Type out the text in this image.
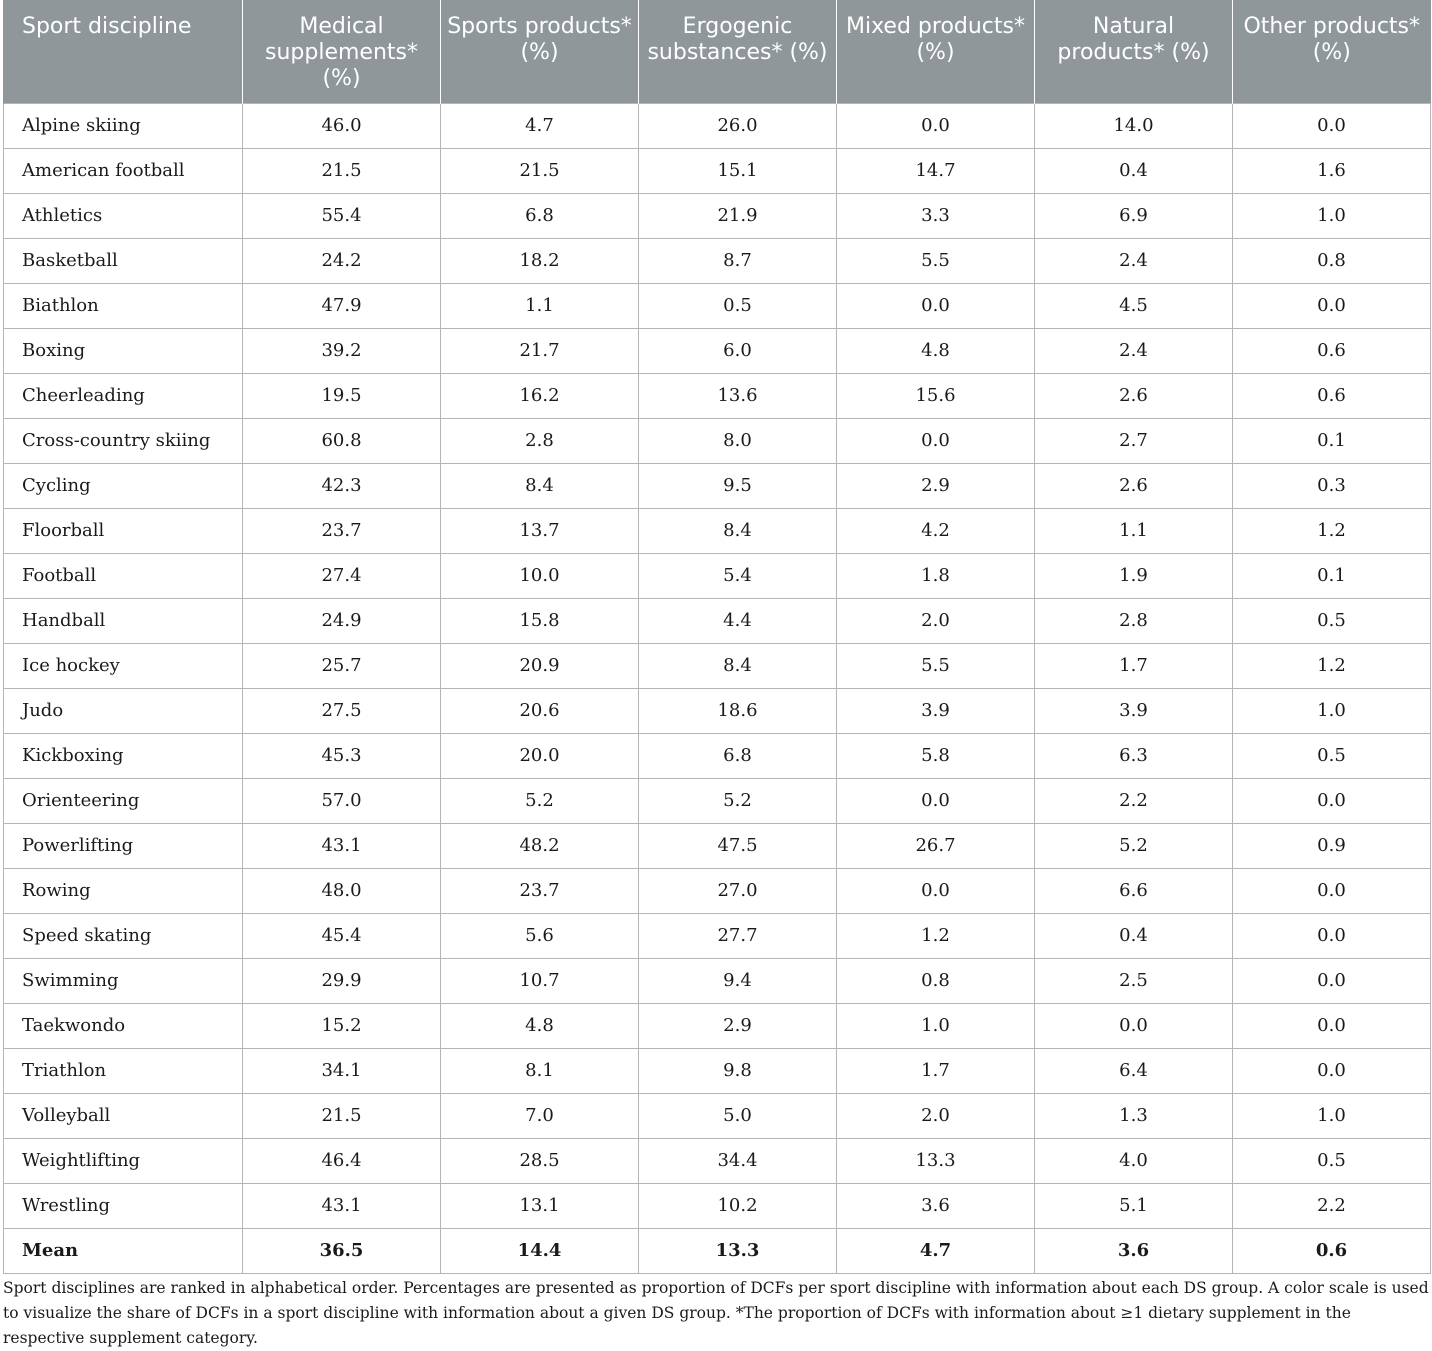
Sport discipline	Medical supplements* (%)	Sports products* (%)	Ergogenic substances* (%)	Mixed products* (%)	Natural products* (%)	Other products* (%)
Alpine skiing	46.0	4.7	26.0	0.0	14.0	0.0
American football	21.5	21.5	15.1	14.7	0.4	1.6
Athletics	55.4	6.8	21.9	3.3	6.9	1.0
Basketball	24.2	18.2	8.7	5.5	2.4	0.8
Biathlon	47.9	1.1	0.5	0.0	4.5	0.0
Boxing	39.2	21.7	6.0	4.8	2.4	0.6
Cheerleading	19.5	16.2	13.6	15.6	2.6	0.6
Cross-country skiing	60.8	2.8	8.0	0.0	2.7	0.1
Cycling	42.3	8.4	9.5	2.9	2.6	0.3
Floorball	23.7	13.7	8.4	4.2	1.1	1.2
Football	27.4	10.0	5.4	1.8	1.9	0.1
Handball	24.9	15.8	4.4	2.0	2.8	0.5
Ice hockey	25.7	20.9	8.4	5.5	1.7	1.2
Judo	27.5	20.6	18.6	3.9	3.9	1.0
Kickboxing	45.3	20.0	6.8	5.8	6.3	0.5
Orienteering	57.0	5.2	5.2	0.0	2.2	0.0
Powerlifting	43.1	48.2	47.5	26.7	5.2	0.9
Rowing	48.0	23.7	27.0	0.0	6.6	0.0
Speed skating	45.4	5.6	27.7	1.2	0.4	0.0
Swimming	29.9	10.7	9.4	0.8	2.5	0.0
Taekwondo	15.2	4.8	2.9	1.0	0.0	0.0
Triathlon	34.1	8.1	9.8	1.7	6.4	0.0
Volleyball	21.5	7.0	5.0	2.0	1.3	1.0
Weightlifting	46.4	28.5	34.4	13.3	4.0	0.5
Wrestling	43.1	13.1	10.2	3.6	5.1	2.2
Mean	36.5	14.4	13.3	4.7	3.6	0.6

Sport disciplines are ranked in alphabetical order. Percentages are presented as proportion of DCFs per sport discipline with information about each DS group. A color scale is used to visualize the share of DCFs in a sport discipline with information about a given DS group. *The proportion of DCFs with information about ≥1 dietary supplement in the respective supplement category.
